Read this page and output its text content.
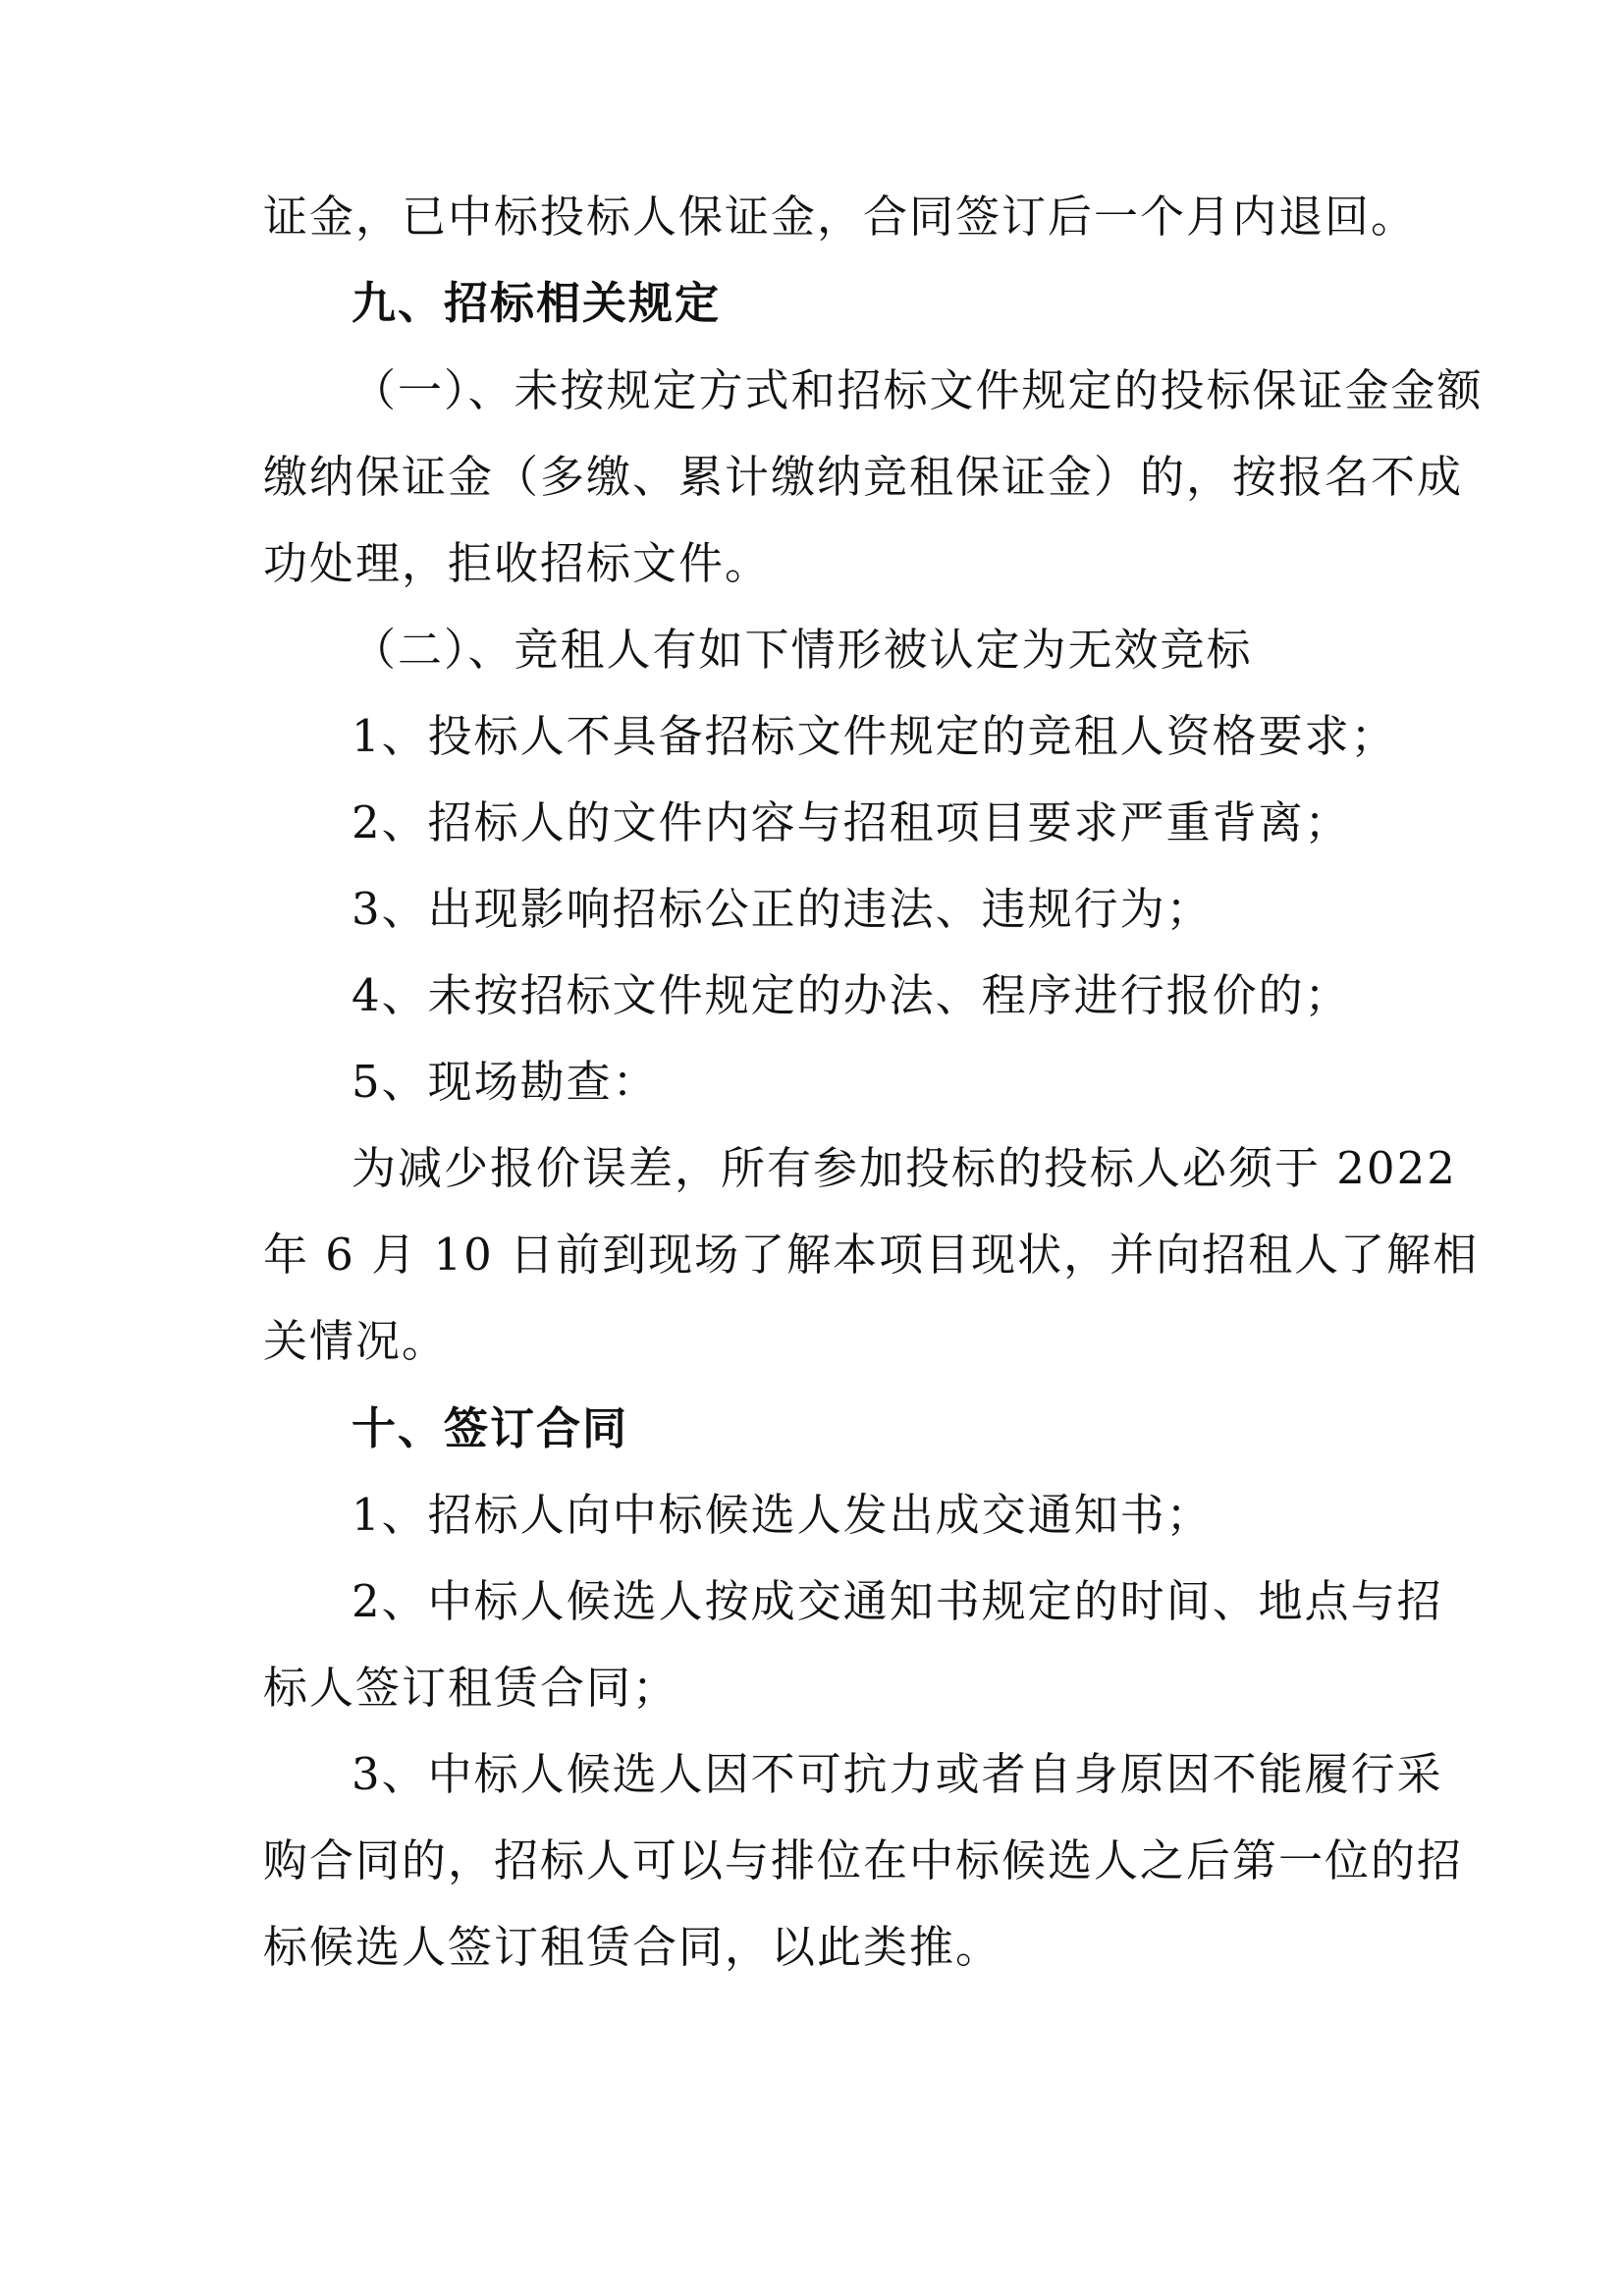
证金，已中标投标人保证金，合同签订后一个月内退回。
九、招标相关规定
（一）、未按规定方式和招标文件规定的投标保证金金额
缴纳保证金（多缴、累计缴纳竞租保证金）的，按报名不成
功处理，拒收招标文件。
（二）、竞租人有如下情形被认定为无效竞标
1、投标人不具备招标文件规定的竞租人资格要求；
2、招标人的文件内容与招租项目要求严重背离；
3、出现影响招标公正的违法、违规行为；
4、未按招标文件规定的办法、程序进行报价的；
5、现场勘查：
为减少报价误差，所有参加投标的投标人必须于 2022
年 6 月 10 日前到现场了解本项目现状，并向招租人了解相
关情况。
十、签订合同
1、招标人向中标候选人发出成交通知书；
2、中标人候选人按成交通知书规定的时间、地点与招
标人签订租赁合同；
3、中标人候选人因不可抗力或者自身原因不能履行采
购合同的，招标人可以与排位在中标候选人之后第一位的招
标候选人签订租赁合同，以此类推。
